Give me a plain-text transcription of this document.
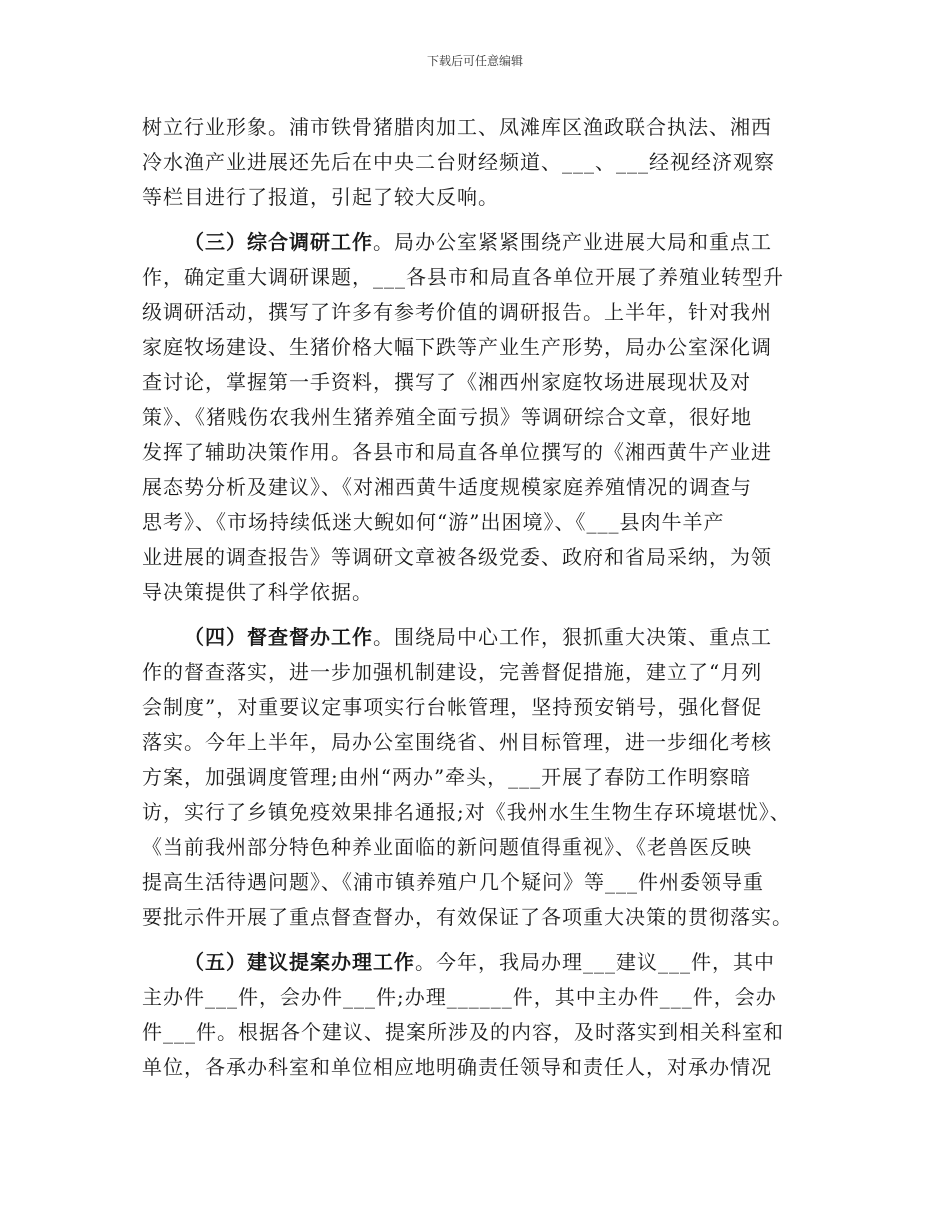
下载后可任意编辑
树立行业形象。浦市铁骨猪腊肉加工、凤滩库区渔政联合执法、湘西
冷水渔产业进展还先后在中央二台财经频道、___、___经视经济观察
等栏目进行了报道，引起了较大反响。
（三）综合调研工作。局办公室紧紧围绕产业进展大局和重点工
作，确定重大调研课题，___各县市和局直各单位开展了养殖业转型升
级调研活动，撰写了许多有参考价值的调研报告。上半年，针对我州
家庭牧场建设、生猪价格大幅下跌等产业生产形势，局办公室深化调
查讨论，掌握第一手资料，撰写了《湘西州家庭牧场进展现状及对
策》、《猪贱伤农我州生猪养殖全面亏损》等调研综合文章，很好地
发挥了辅助决策作用。各县市和局直各单位撰写的《湘西黄牛产业进
展态势分析及建议》、《对湘西黄牛适度规模家庭养殖情况的调查与
思考》、《市场持续低迷大鲵如何“游”出困境》、《___县肉牛羊产
业进展的调查报告》等调研文章被各级党委、政府和省局采纳，为领
导决策提供了科学依据。
（四）督查督办工作。围绕局中心工作，狠抓重大决策、重点工
作的督查落实，进一步加强机制建设，完善督促措施，建立了“月列
会制度”，对重要议定事项实行台帐管理，坚持预安销号，强化督促
落实。今年上半年，局办公室围绕省、州目标管理，进一步细化考核
方案，加强调度管理;由州“两办”牵头，___开展了春防工作明察暗
访，实行了乡镇免疫效果排名通报;对《我州水生生物生存环境堪忧》、
《当前我州部分特色种养业面临的新问题值得重视》、《老兽医反映
提高生活待遇问题》、《浦市镇养殖户几个疑问》等___件州委领导重
要批示件开展了重点督查督办，有效保证了各项重大决策的贯彻落实。
（五）建议提案办理工作。今年，我局办理___建议___件，其中
主办件___件，会办件___件;办理______件，其中主办件___件，会办
件___件。根据各个建议、提案所涉及的内容，及时落实到相关科室和
单位，各承办科室和单位相应地明确责任领导和责任人，对承办情况
